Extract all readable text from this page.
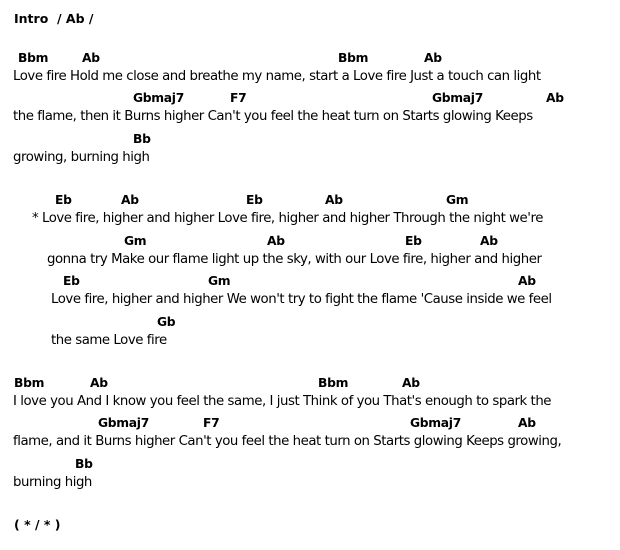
Intro / Ab /
Bbm	Ab	Bbm	Ab
Love fire Hold me close and breathe my name, start a Love fire Just a touch can light
Gbmaj7	F7	Gbmaj7	Ab
the flame, then it Burns higher Can't you feel the heat turn on Starts glowing Keeps
Bb
growing, burning high
Eb	Ab	Eb	Ab	Gm
* Love fire, higher and higher Love fire, higher and higher Through the night we're
Gm	Ab	Eb	Ab
gonna try Make our flame light up the sky, with our Love fire, higher and higher
Eb	Gm	Ab
Love fire, higher and higher We won't try to fight the flame 'Cause inside we feel
Gb
the same Love fire
Bbm	Ab	Bbm	Ab
I love you And I know you feel the same, I just Think of you That's enough to spark the
Gbmaj7	F7	Gbmaj7	Ab
flame, and it Burns higher Can't you feel the heat turn on Starts glowing Keeps growing,
Bb
burning high
( * / * )
